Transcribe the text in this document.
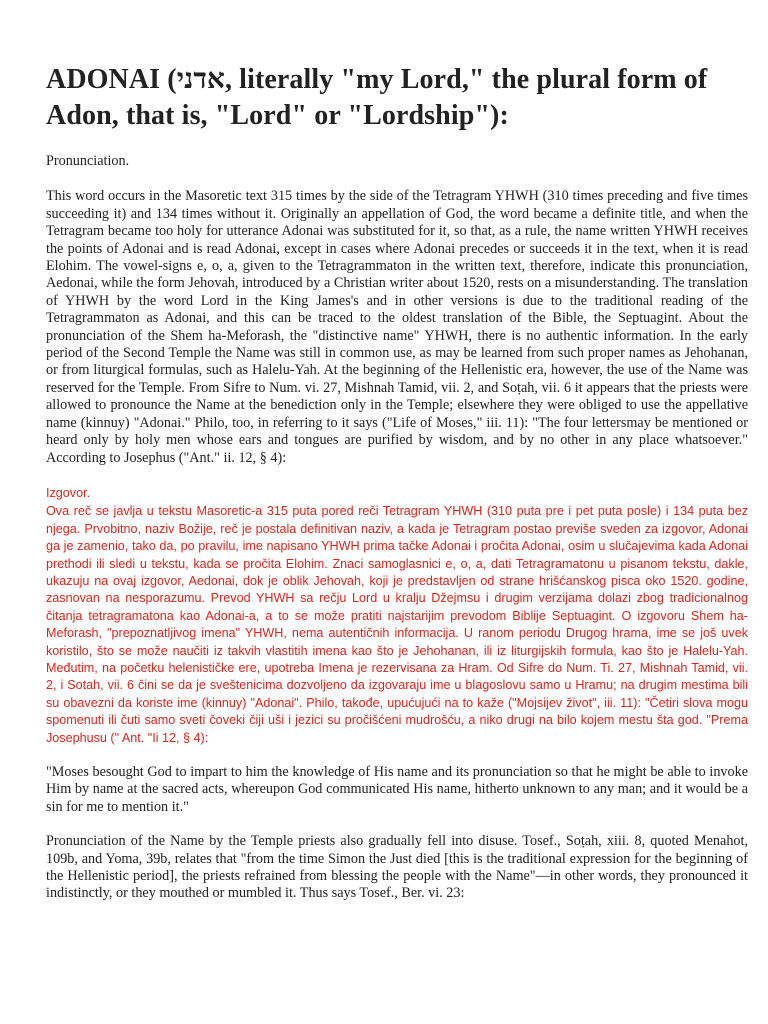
ADONAI (אדני, literally "my Lord," the plural form of Adon, that is, "Lord" or "Lordship"):

Pronunciation.

This word occurs in the Masoretic text 315 times by the side of the Tetragram YHWH (310 times preceding and five times succeeding it) and 134 times without it. Originally an appellation of God, the word became a definite title, and when the Tetragram became too holy for utterance Adonai was substituted for it, so that, as a rule, the name written YHWH receives the points of Adonai and is read Adonai, except in cases where Adonai precedes or succeeds it in the text, when it is read Elohim. The vowel-signs e, o, a, given to the Tetragrammaton in the written text, therefore, indicate this pronunciation, Aedonai, while the form Jehovah, introduced by a Christian writer about 1520, rests on a misunderstanding. The translation of YHWH by the word Lord in the King James's and in other versions is due to the traditional reading of the Tetragrammaton as Adonai, and this can be traced to the oldest translation of the Bible, the Septuagint. About the pronunciation of the Shem ha-Meforash, the "distinctive name" YHWH, there is no authentic information. In the early period of the Second Temple the Name was still in common use, as may be learned from such proper names as Jehohanan, or from liturgical formulas, such as Halelu-Yah. At the beginning of the Hellenistic era, however, the use of the Name was reserved for the Temple. From Sifre to Num. vi. 27, Mishnah Tamid, vii. 2, and Soṭah, vii. 6 it appears that the priests were allowed to pronounce the Name at the benediction only in the Temple; elsewhere they were obliged to use the appellative name (kinnuy) "Adonai." Philo, too, in referring to it says ("Life of Moses," iii. 11): "The four lettersmay be mentioned or heard only by holy men whose ears and tongues are purified by wisdom, and by no other in any place whatsoever." According to Josephus ("Ant." ii. 12, § 4):

Izgovor.

Ova reč se javlja u tekstu Masoretic-a 315 puta pored reči Tetragram YHWH (310 puta pre i pet puta posle) i 134 puta bez njega. Prvobitno, naziv Božije, reč je postala definitivan naziv, a kada je Tetragram postao previše sveden za izgovor, Adonai ga je zamenio, tako da, po pravilu, ime napisano YHWH prima tačke Adonai i pročita Adonai, osim u slučajevima kada Adonai prethodi ili sledi u tekstu, kada se pročita Elohim. Znaci samoglasnici e, o, a, dati Tetragramatonu u pisanom tekstu, dakle, ukazuju na ovaj izgovor, Aedonai, dok je oblik Jehovah, koji je predstavljen od strane hrišćanskog pisca oko 1520. godine, zasnovan na nesporazumu. Prevod YHWH sa rečju Lord u kralju Džejmsu i drugim verzijama dolazi zbog tradicionalnog čitanja tetragramatona kao Adonai-a, a to se može pratiti najstarijim prevodom Biblije Septuagint. O izgovoru Shem ha-Meforash, "prepoznatljivog imena" YHWH, nema autentičnih informacija. U ranom periodu Drugog hrama, ime se još uvek koristilo, što se može naučiti iz takvih vlastitih imena kao što je Jehohanan, ili iz liturgijskih formula, kao što je Halelu-Yah. Međutim, na početku helenističke ere, upotreba Imena je rezervisana za Hram. Od Sifre do Num. Ti. 27, Mishnah Tamid, vii. 2, i Sotah, vii. 6 čini se da je sveštenicima dozvoljeno da izgovaraju ime u blagoslovu samo u Hramu; na drugim mestima bili su obavezni da koriste ime (kinnuy) "Adonai". Philo, takođe, upućujući na to kaže ("Mojsijev život", iii. 11): "Četiri slova mogu spomenuti ili čuti samo sveti čoveki čiji uši i jezici su pročišćeni mudrošću, a niko drugi na bilo kojem mestu šta god. "Prema Josephusu (" Ant. "Ii 12, § 4):

"Moses besought God to impart to him the knowledge of His name and its pronunciation so that he might be able to invoke Him by name at the sacred acts, whereupon God communicated His name, hitherto unknown to any man; and it would be a sin for me to mention it."

Pronunciation of the Name by the Temple priests also gradually fell into disuse. Tosef., Soṭah, xiii. 8, quoted Menahot, 109b, and Yoma, 39b, relates that "from the time Simon the Just died [this is the traditional expression for the beginning of the Hellenistic period], the priests refrained from blessing the people with the Name"—in other words, they pronounced it indistinctly, or they mouthed or mumbled it. Thus says Tosef., Ber. vi. 23:
